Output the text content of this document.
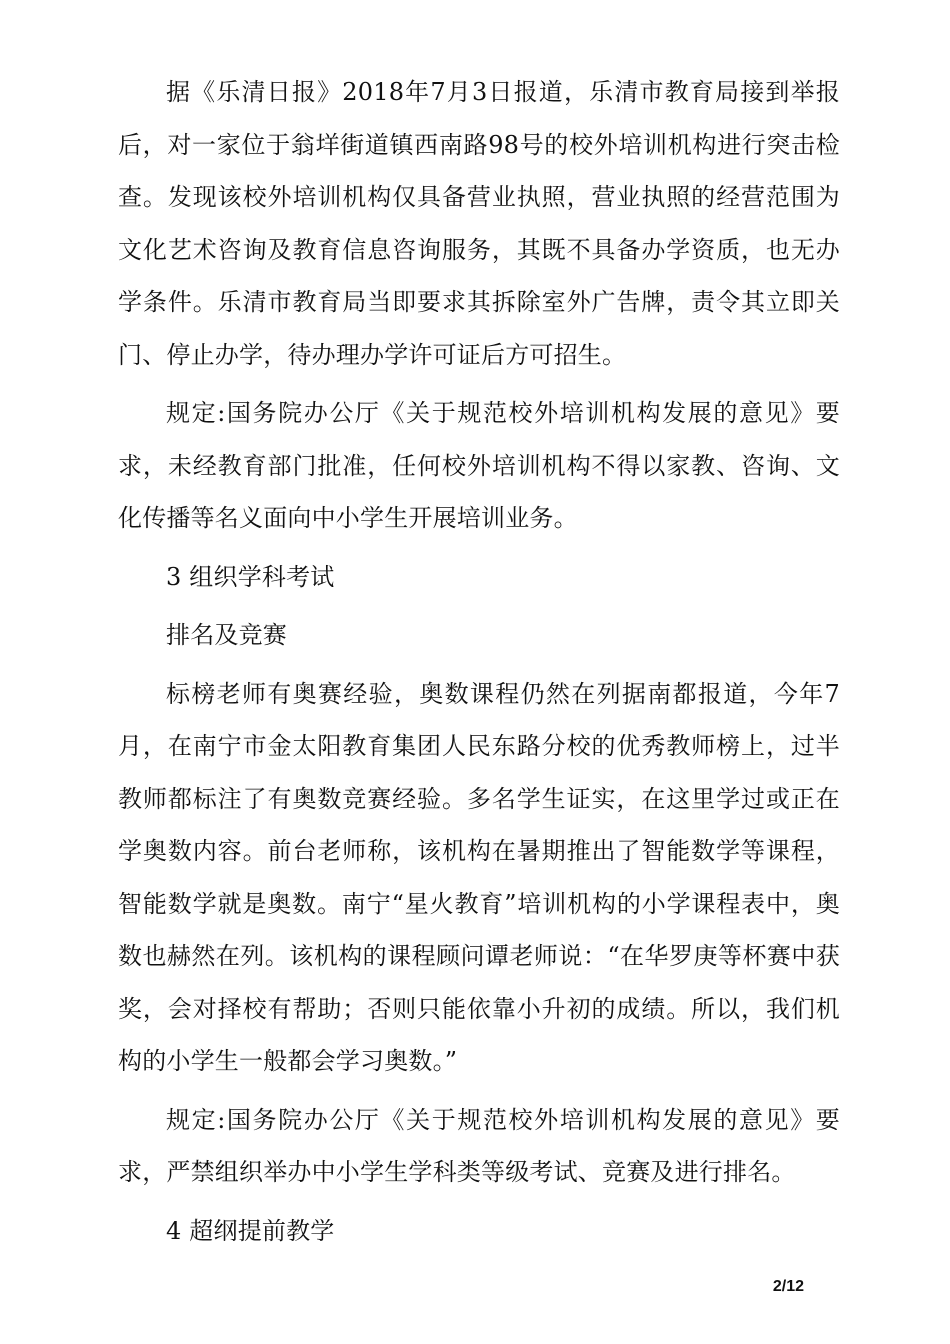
据《乐清日报》2018年7月3日报道，乐清市教育局接到举报后，对一家位于翁垟街道镇西南路98号的校外培训机构进行突击检查。发现该校外培训机构仅具备营业执照，营业执照的经营范围为文化艺术咨询及教育信息咨询服务，其既不具备办学资质，也无办学条件。乐清市教育局当即要求其拆除室外广告牌，责令其立即关门、停止办学，待办理办学许可证后方可招生。

规定:国务院办公厅《关于规范校外培训机构发展的意见》要求，未经教育部门批准，任何校外培训机构不得以家教、咨询、文化传播等名义面向中小学生开展培训业务。

3 组织学科考试

排名及竞赛

标榜老师有奥赛经验，奥数课程仍然在列据南都报道，今年7月，在南宁市金太阳教育集团人民东路分校的优秀教师榜上，过半教师都标注了有奥数竞赛经验。多名学生证实，在这里学过或正在学奥数内容。前台老师称，该机构在暑期推出了智能数学等课程，智能数学就是奥数。南宁“星火教育”培训机构的小学课程表中，奥数也赫然在列。该机构的课程顾问谭老师说：“在华罗庚等杯赛中获奖，会对择校有帮助；否则只能依靠小升初的成绩。所以，我们机构的小学生一般都会学习奥数。”

规定:国务院办公厅《关于规范校外培训机构发展的意见》要求，严禁组织举办中小学生学科类等级考试、竞赛及进行排名。

4 超纲提前教学

2/12
